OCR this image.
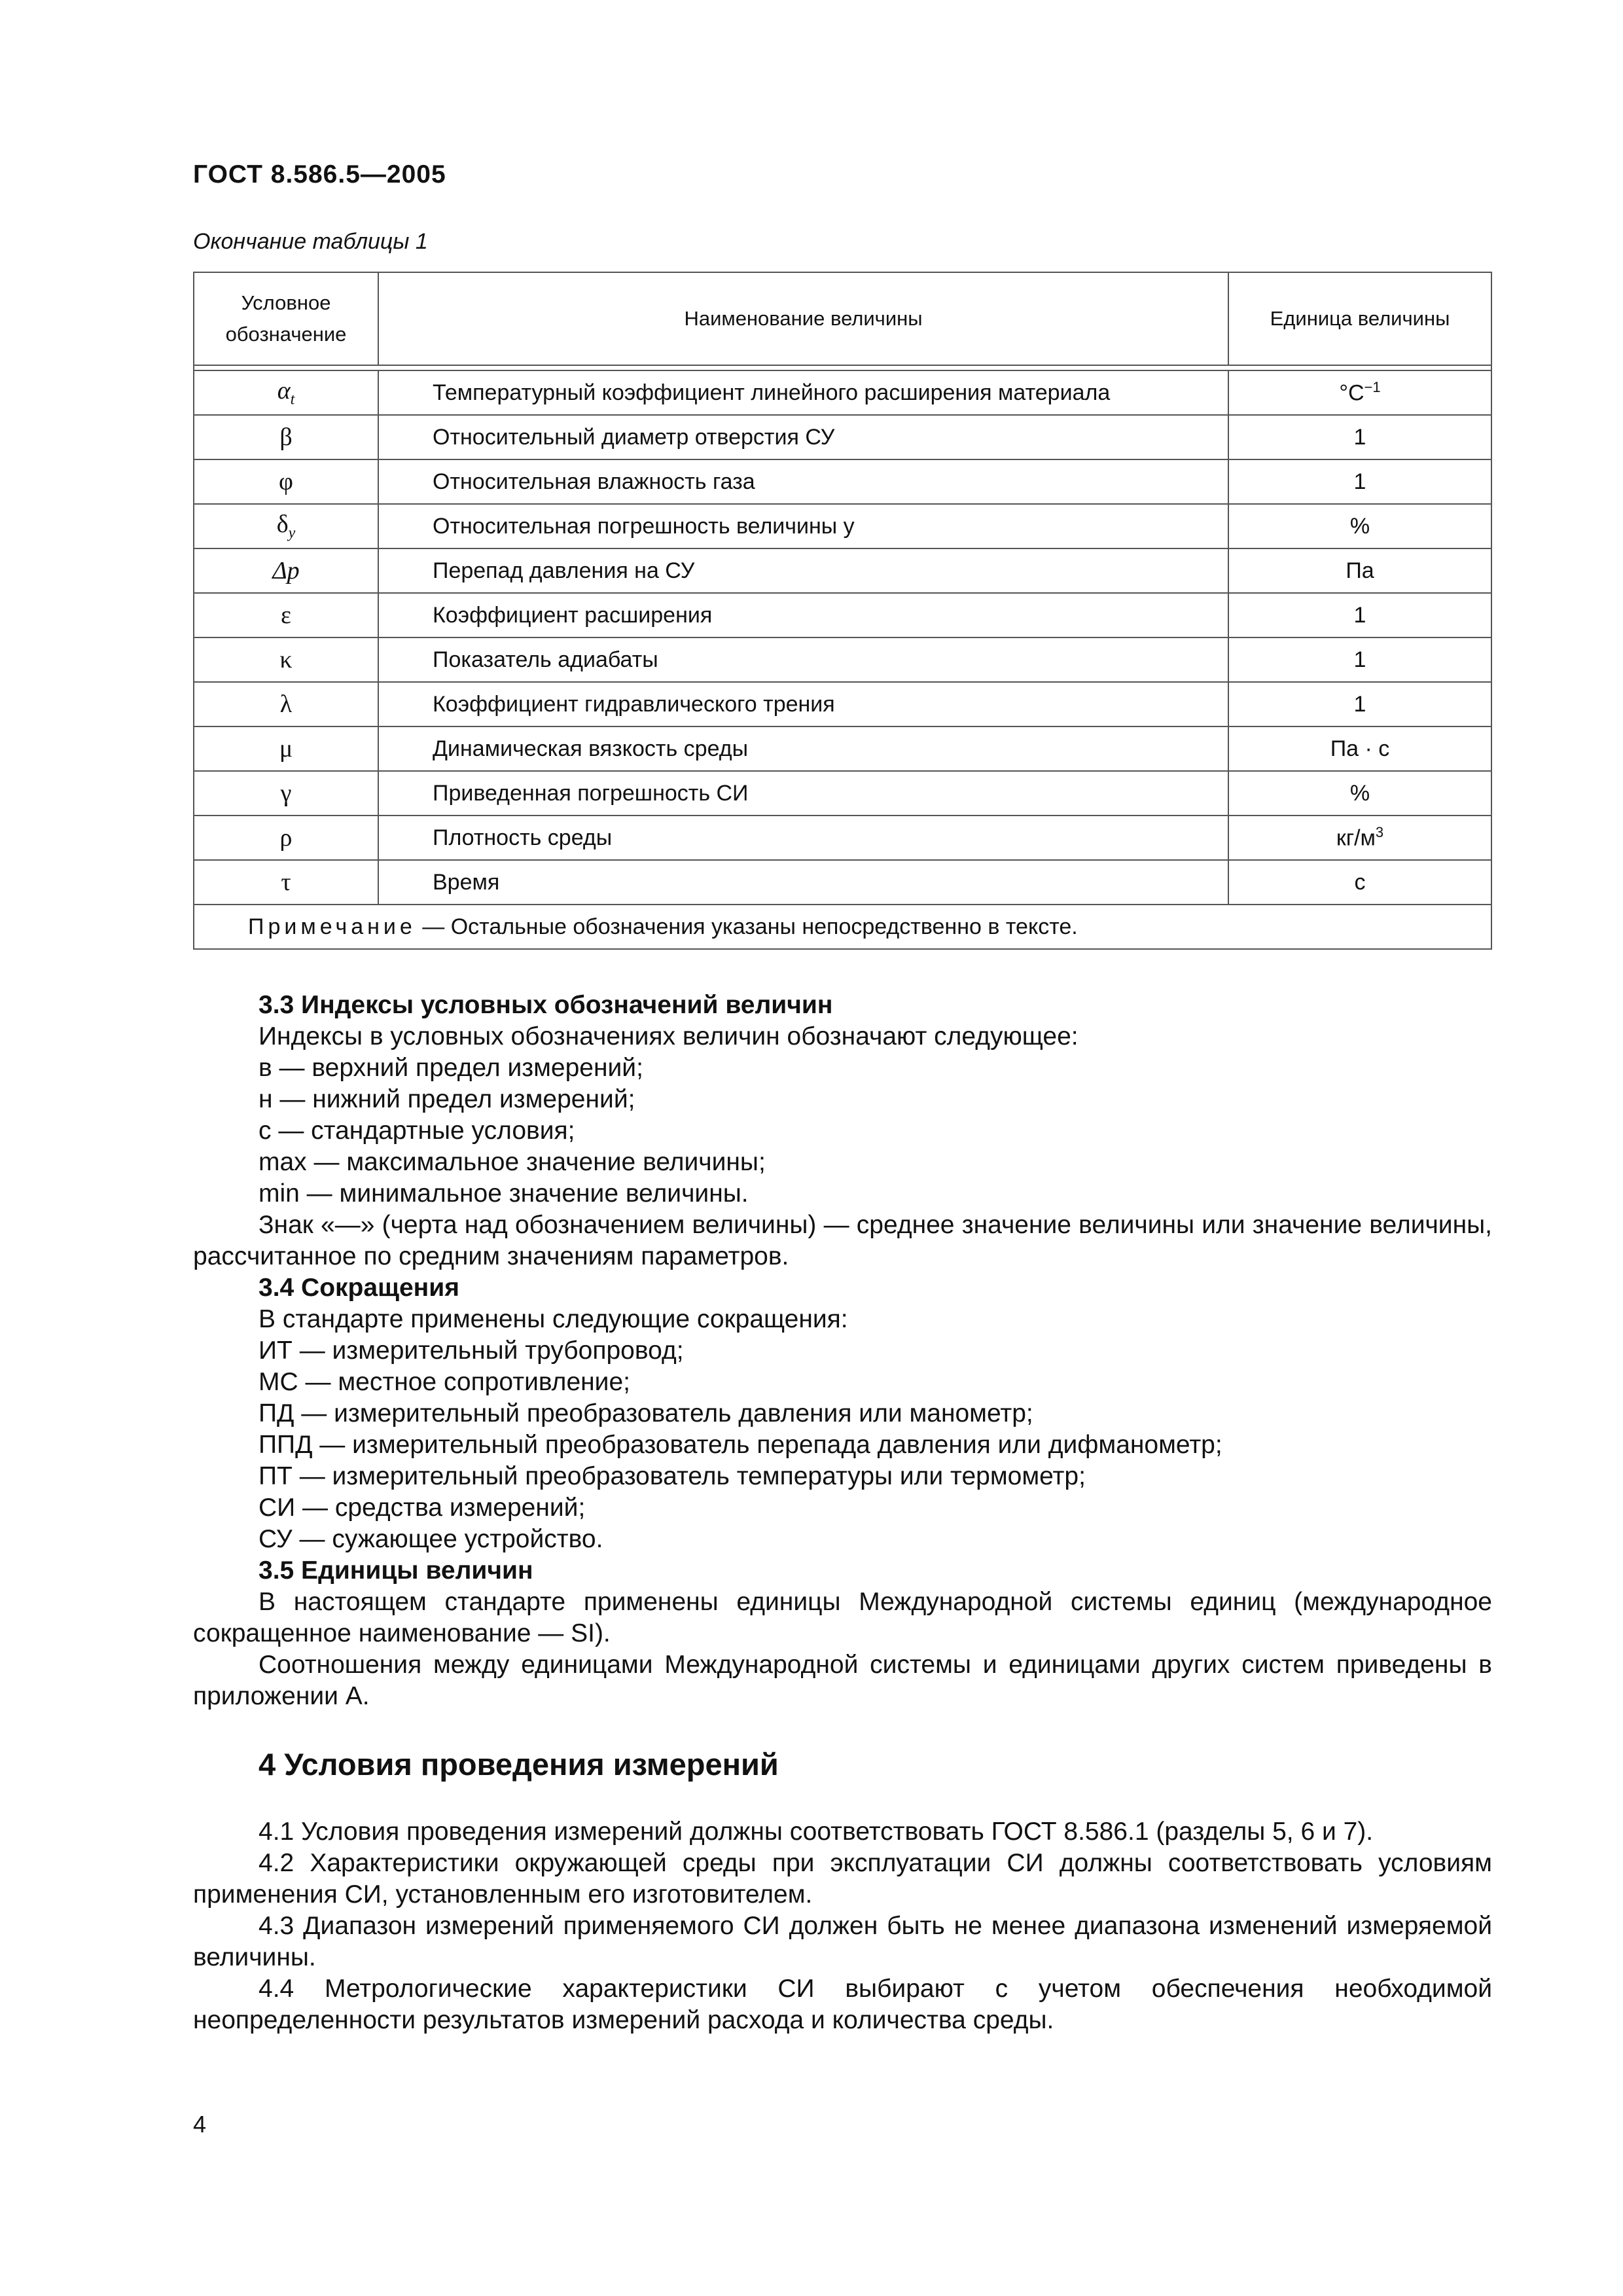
ГОСТ 8.586.5—2005
Окончание таблицы 1
Условное обозначение	Наименование величины	Единица величины

$\alpha_t$	Температурный коэффициент линейного расширения материала	$^\circ C^{-1}$
β	Относительный диаметр отверстия СУ	1
φ	Относительная влажность газа	1
$\delta_y$	Относительная погрешность величины y	%
Δp	Перепад давления на СУ	Па
ε	Коэффициент расширения	1
κ	Показатель адиабаты	1
λ	Коэффициент гидравлического трения	1
μ	Динамическая вязкость среды	Па · с
γ	Приведенная погрешность СИ	%
ρ	Плотность среды	$кг/м^3$
τ	Время	с
Примечание — Остальные обозначения указаны непосредственно в тексте.		

3.3 Индексы условных обозначений величин

Индексы в условных обозначениях величин обозначают следующее:

в — верхний предел измерений;

н — нижний предел измерений;

с — стандартные условия;

max — максимальное значение величины;

min — минимальное значение величины.

Знак «—» (черта над обозначением величины) — среднее значение величины или значение величины, рассчитанное по средним значениям параметров.

3.4 Сокращения

В стандарте применены следующие сокращения:

ИТ — измерительный трубопровод;

МС — местное сопротивление;

ПД — измерительный преобразователь давления или манометр;

ППД — измерительный преобразователь перепада давления или дифманометр;

ПТ — измерительный преобразователь температуры или термометр;

СИ — средства измерений;

СУ — сужающее устройство.

3.5 Единицы величин

В настоящем стандарте применены единицы Международной системы единиц (международное сокращенное наименование — SI).

Соотношения между единицами Международной системы и единицами других систем приведены в приложении А.

4 Условия проведения измерений

4.1 Условия проведения измерений должны соответствовать ГОСТ 8.586.1 (разделы 5, 6 и 7).

4.2 Характеристики окружающей среды при эксплуатации СИ должны соответствовать условиям применения СИ, установленным его изготовителем.

4.3 Диапазон измерений применяемого СИ должен быть не менее диапазона изменений измеряемой величины.

4.4 Метрологические характеристики СИ выбирают с учетом обеспечения необходимой неопределенности результатов измерений расхода и количества среды.

4
